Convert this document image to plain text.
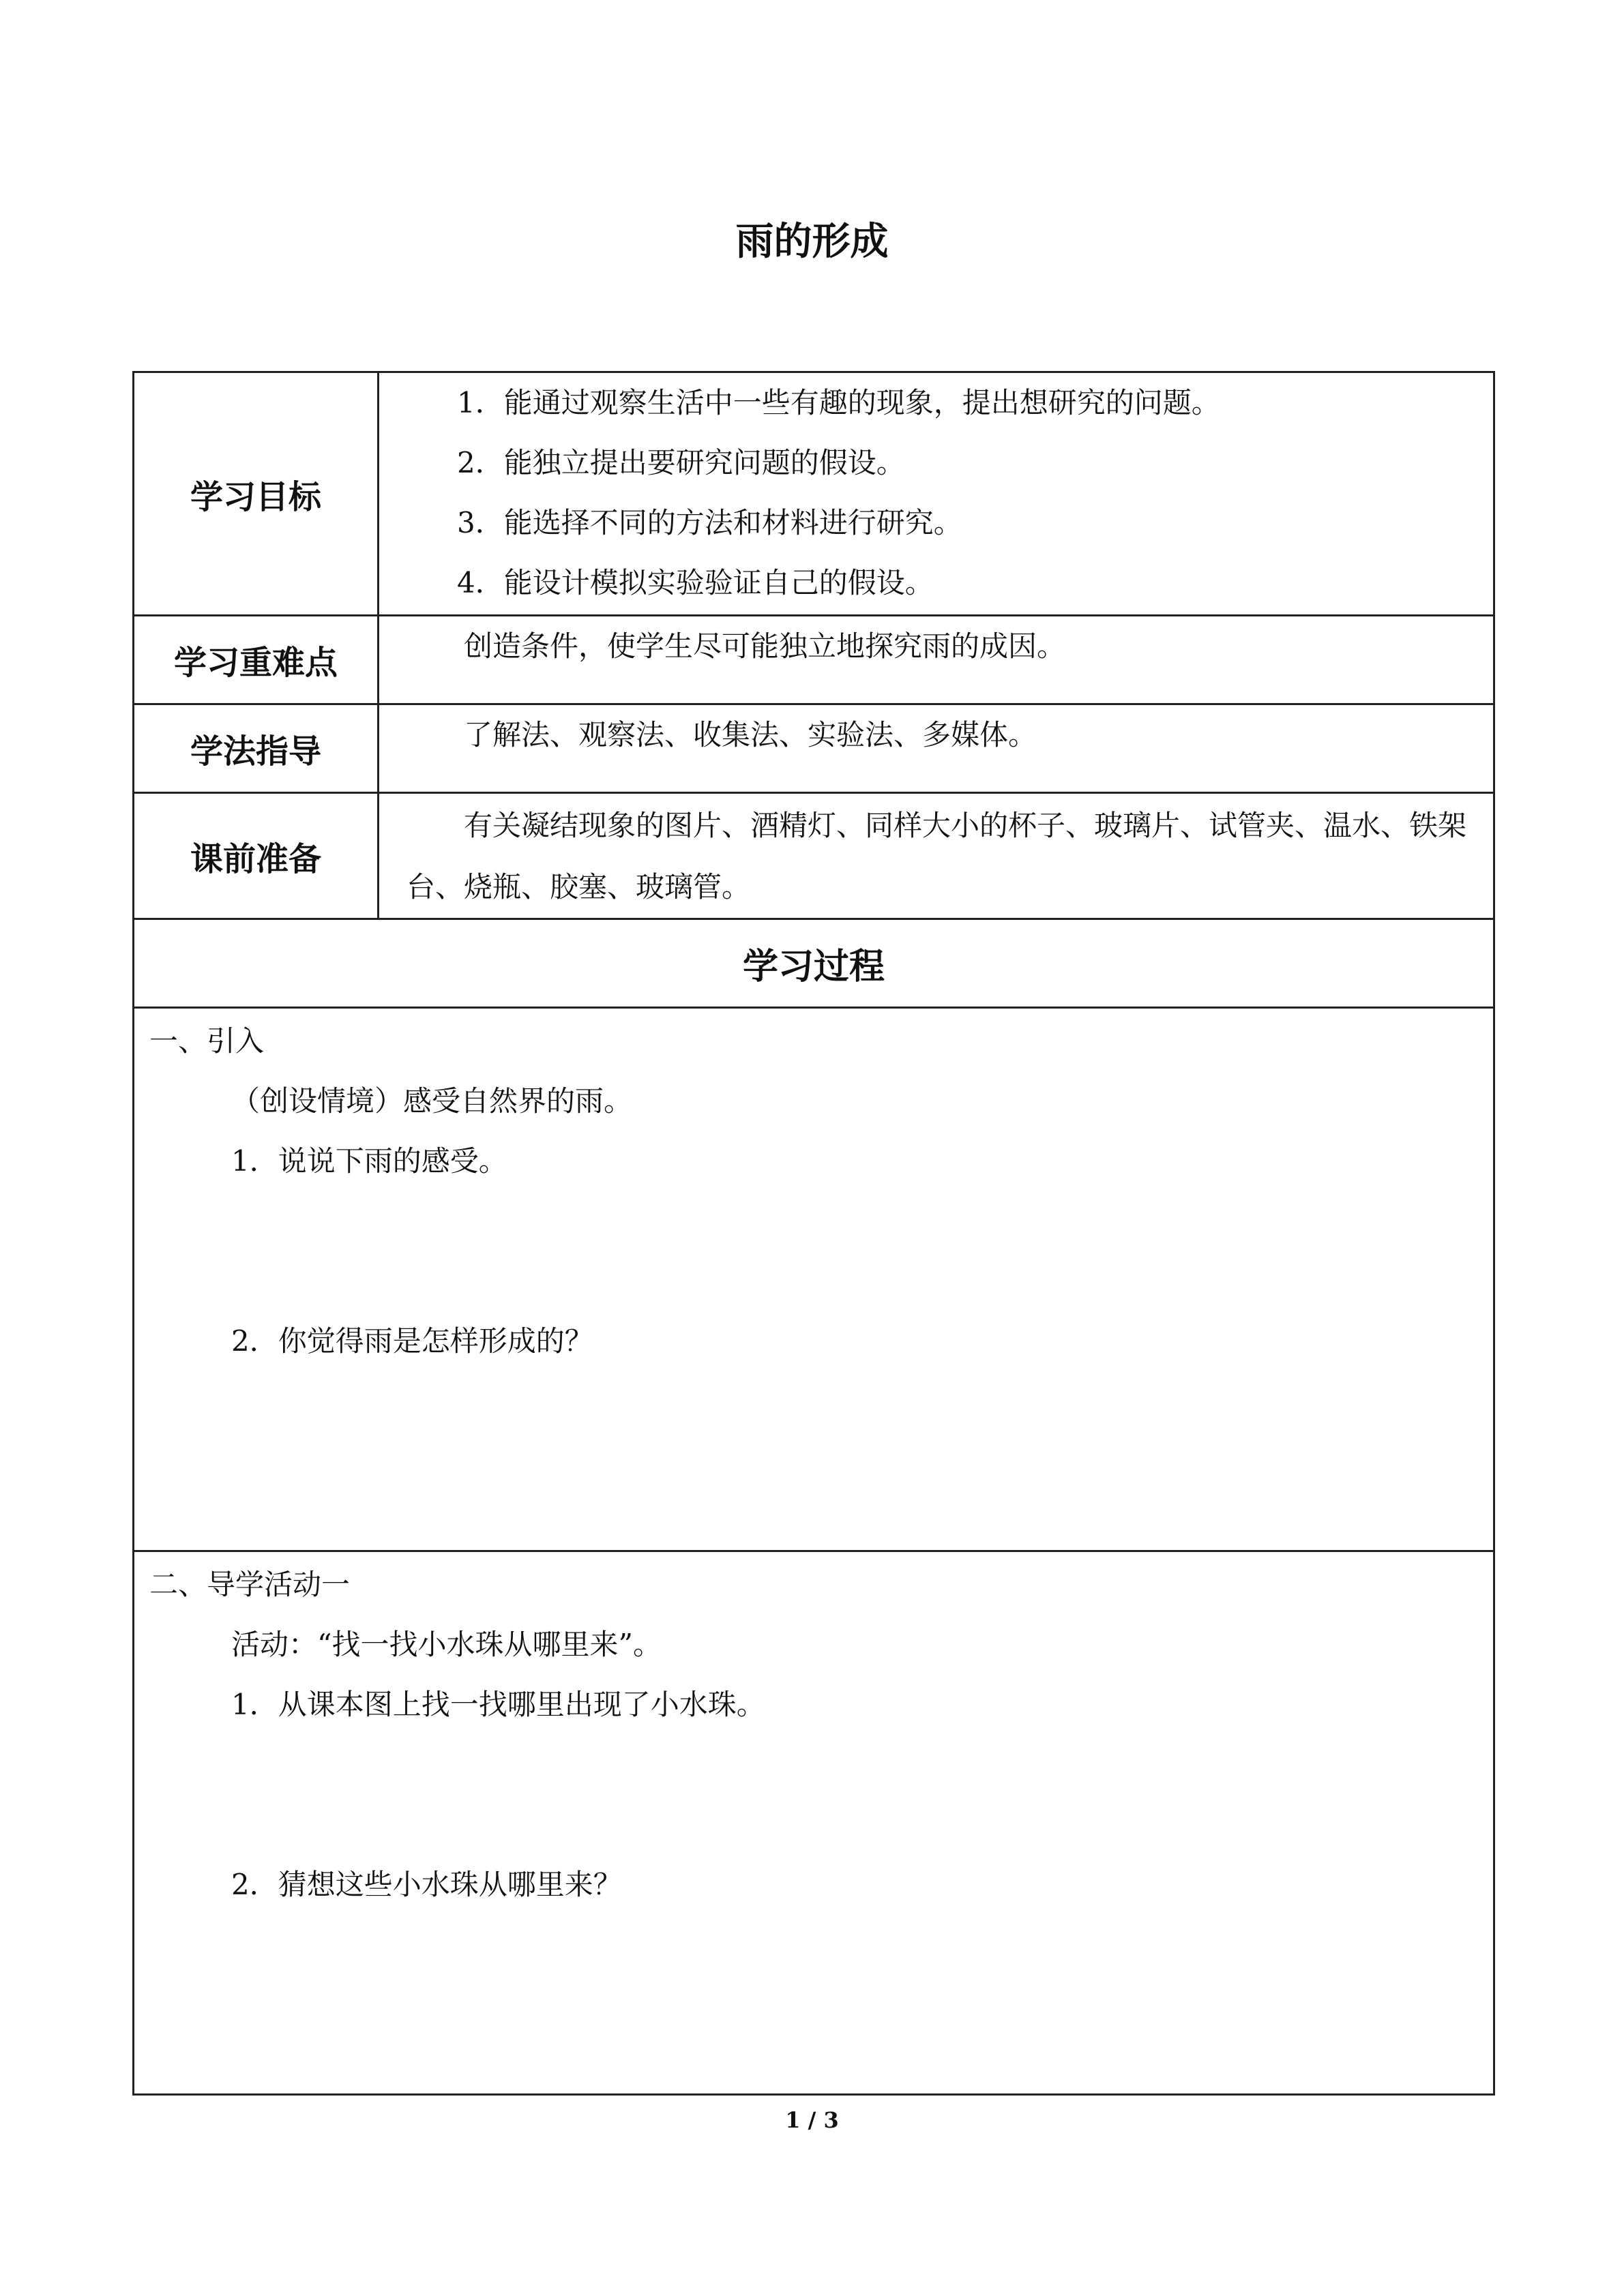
雨的形成
学习目标	1．能通过观察生活中一些有趣的现象，提出想研究的问题。
2．能独立提出要研究问题的假设。
3．能选择不同的方法和材料进行研究。
4．能设计模拟实验验证自己的假设。

学习重难点	创造条件，使学生尽可能独立地探究雨的成因。

学法指导	了解法、观察法、收集法、实验法、多媒体。

课前准备	有关凝结现象的图片、酒精灯、同样大小的杯子、玻璃片、试管夹、温水、铁架台、烧瓶、胶塞、玻璃管。

学习过程	

一、引入
（创设情境）感受自然界的雨。
1．说说下雨的感受。
2．你觉得雨是怎样形成的？	

二、导学活动一
活动：“找一找小水珠从哪里来”。
1．从课本图上找一找哪里出现了小水珠。
2．猜想这些小水珠从哪里来？	
1 / 3
